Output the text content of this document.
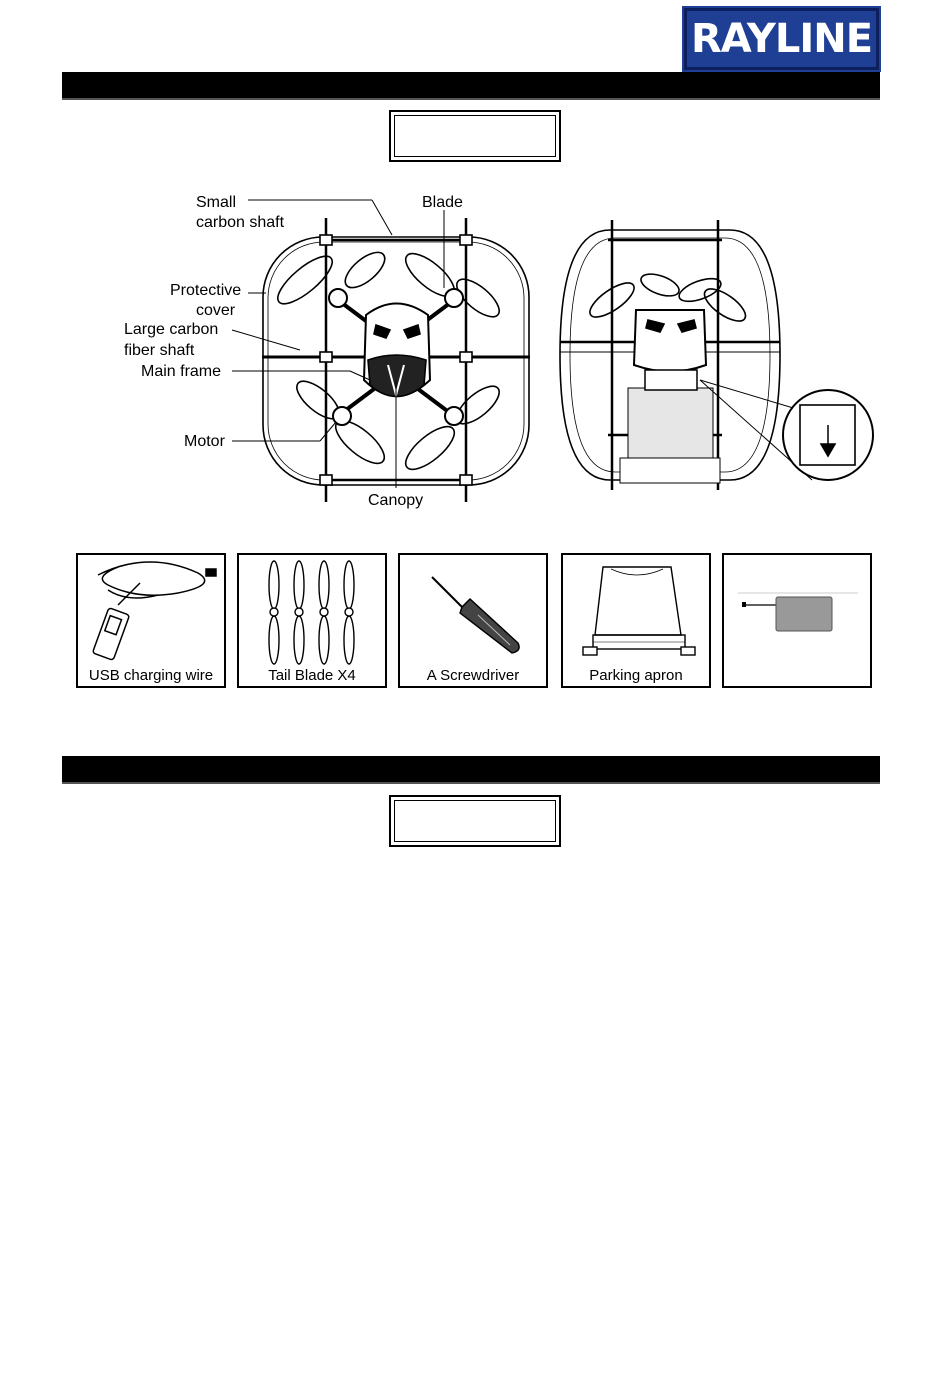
RAYLINE
Small
carbon shaft
Blade
Protective
cover
Large carbon
fiber shaft
Main frame
Motor
Canopy
USB charging wire	Tail Blade X4	A Screwdriver	Parking apron
